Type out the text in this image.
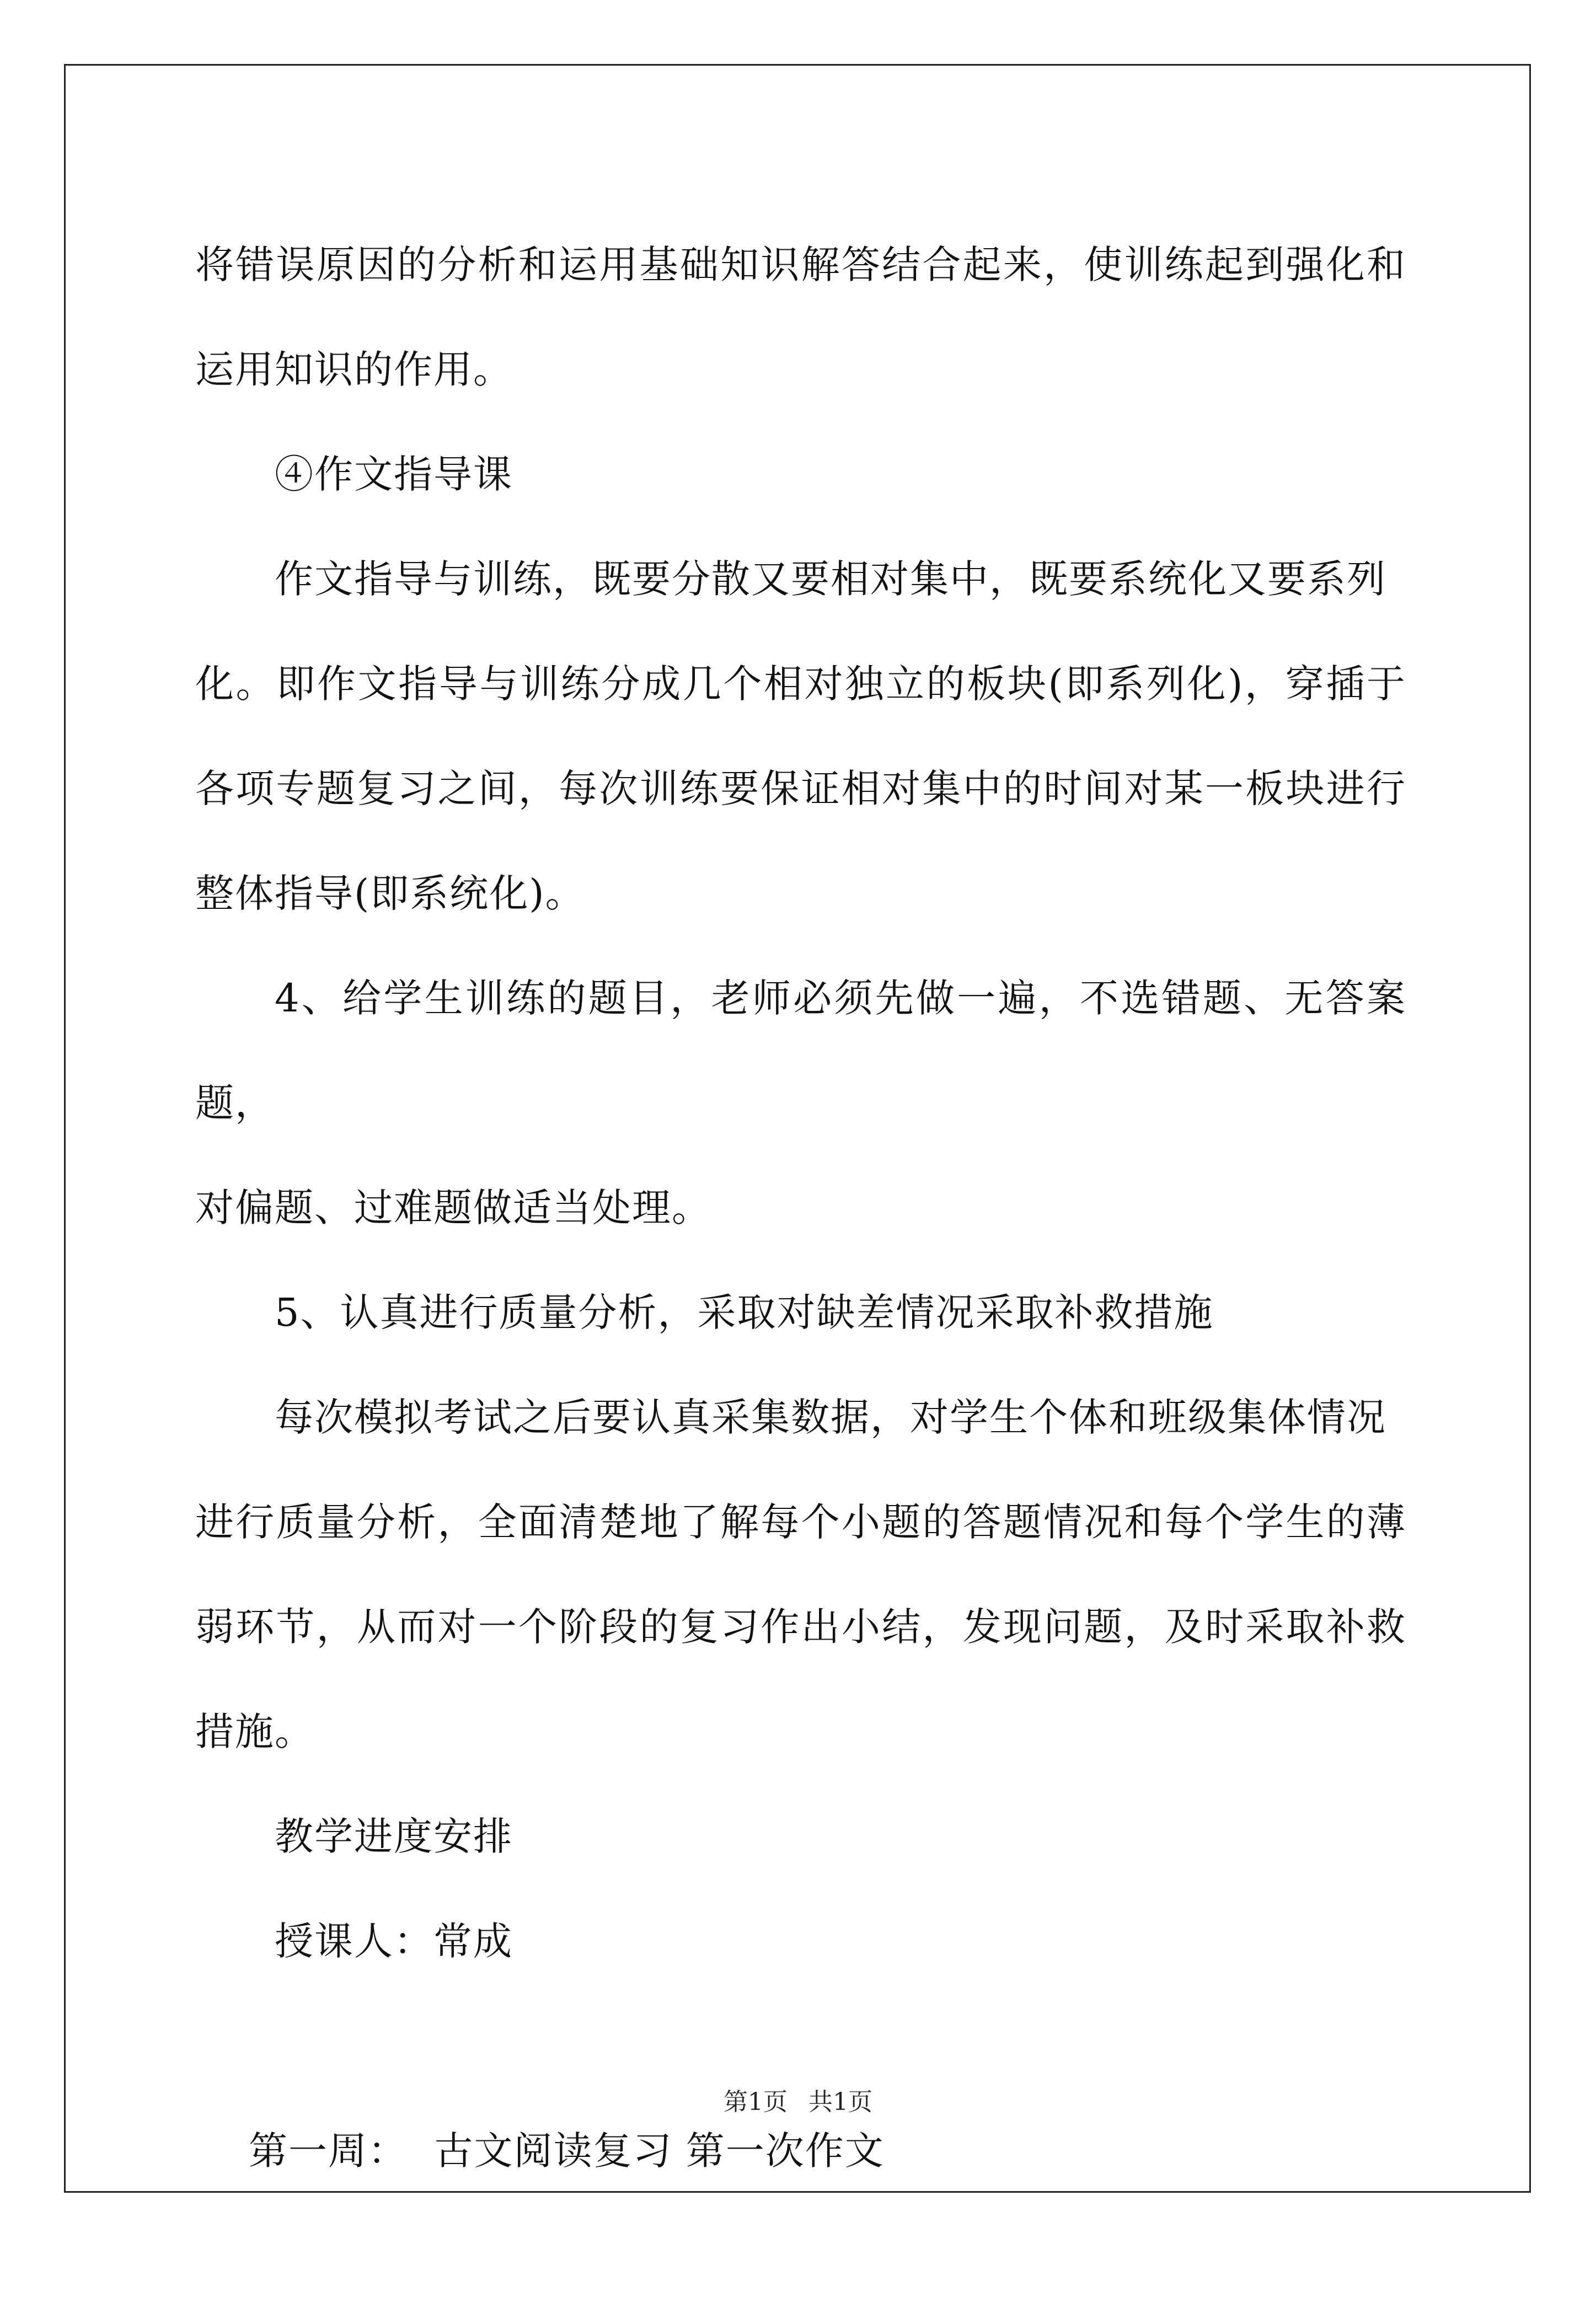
将错误原因的分析和运用基础知识解答结合起来，使训练起到强化和
运用知识的作用。

④作文指导课

作文指导与训练，既要分散又要相对集中，既要系统化又要系列

化。即作文指导与训练分成几个相对独立的板块(即系列化)，穿插于
各项专题复习之间，每次训练要保证相对集中的时间对某一板块进行
整体指导(即系统化)。

4、给学生训练的题目，老师必须先做一遍，不选错题、无答案题，
对偏题、过难题做适当处理。

5、认真进行质量分析，采取对缺差情况采取补救措施

每次模拟考试之后要认真采集数据，对学生个体和班级集体情况

进行质量分析，全面清楚地了解每个小题的答题情况和每个学生的薄
弱环节，从而对一个阶段的复习作出小结，发现问题，及时采取补救
措施。

教学进度安排

授课人：常成

第一周：  古文阅读复习 第一次作文

第1页 共1页
